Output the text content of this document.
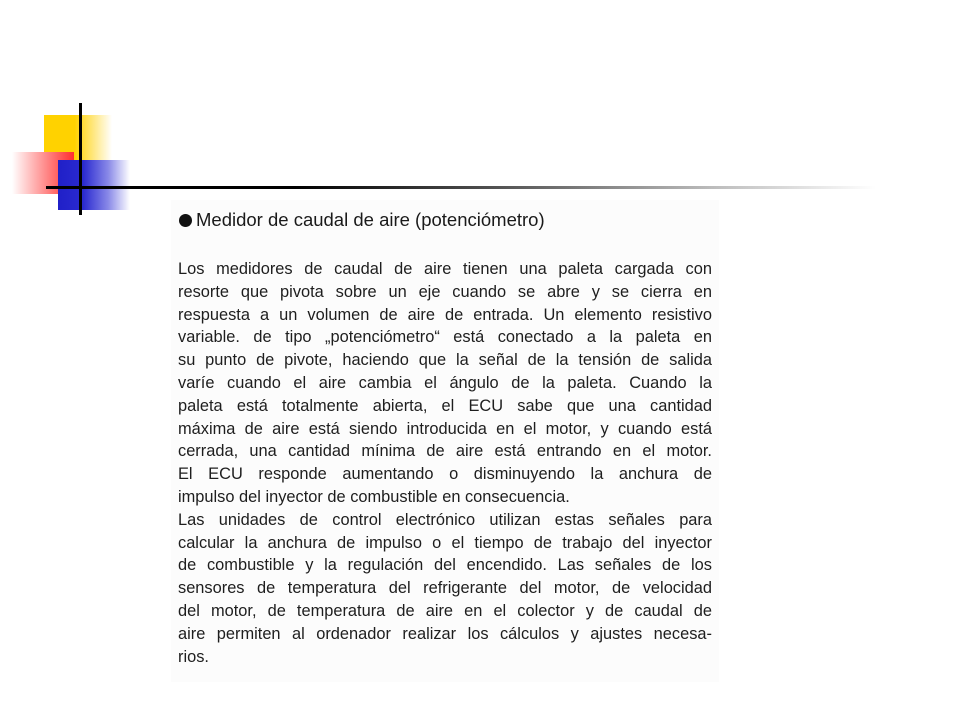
Medidor de caudal de aire (potenciómetro)
Los medidores de caudal de aire tienen una paleta cargada con
resorte que pivota sobre un eje cuando se abre y se cierra en
respuesta a un volumen de aire de entrada. Un elemento resistivo
variable. de tipo „potenciómetro“ está conectado a la paleta en
su punto de pivote, haciendo que la señal de la tensión de salida
varíe cuando el aire cambia el ángulo de la paleta. Cuando la
paleta está totalmente abierta, el ECU sabe que una cantidad
máxima de aire está siendo introducida en el motor, y cuando está
cerrada, una cantidad mínima de aire está entrando en el motor.
El ECU responde aumentando o disminuyendo la anchura de
impulso del inyector de combustible en consecuencia.
Las unidades de control electrónico utilizan estas señales para
calcular la anchura de impulso o el tiempo de trabajo del inyector
de combustible y la regulación del encendido. Las señales de los
sensores de temperatura del refrigerante del motor, de velocidad
del motor, de temperatura de aire en el colector y de caudal de
aire permiten al ordenador realizar los cálculos y ajustes necesa-
rios.
